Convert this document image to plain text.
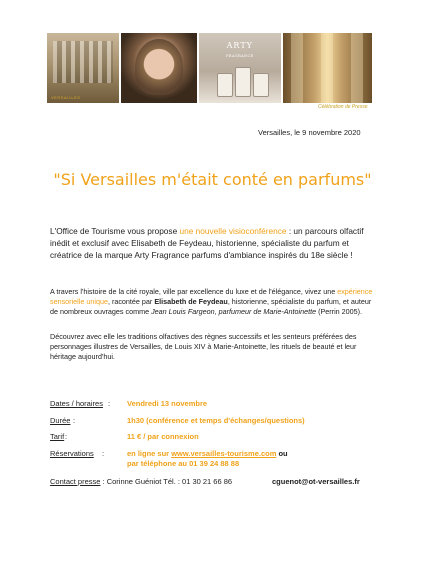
VERSAILLES
ARTY
FRAGRANCE
Célébration de Presse
Versailles, le 9 novembre 2020
"Si Versailles m'était conté en parfums"
L'Office de Tourisme vous propose une nouvelle visioconférence : un parcours olfactif inédit et exclusif avec Elisabeth de Feydeau, historienne, spécialiste du parfum et créatrice de la marque Arty Fragrance parfums d'ambiance inspirés du 18e siècle !
A travers l'histoire de la cité royale, ville par excellence du luxe et de l'élégance, vivez une expérience sensorielle unique, racontée par Elisabeth de Feydeau, historienne, spécialiste du parfum, et auteur de nombreux ouvrages comme Jean Louis Fargeon, parfumeur de Marie-Antoinette (Perrin 2005).
Découvrez avec elle les traditions olfactives des règnes successifs et les senteurs préférées des personnages illustres de Versailles, de Louis XIV à Marie-Antoinette, les rituels de beauté et leur héritage aujourd'hui.
Dates / horaires : Vendredi 13 novembre
Durée :	1h30 (conférence et temps d'échanges/questions)
Tarif :	11 € / par connexion
Réservations :	en ligne sur www.versailles-tourisme.com ou
par téléphone au 01 39 24 88 88
Contact presse : Corinne Guéniot Tél. : 01 30 21 66 86	cguenot@ot-versailles.fr
